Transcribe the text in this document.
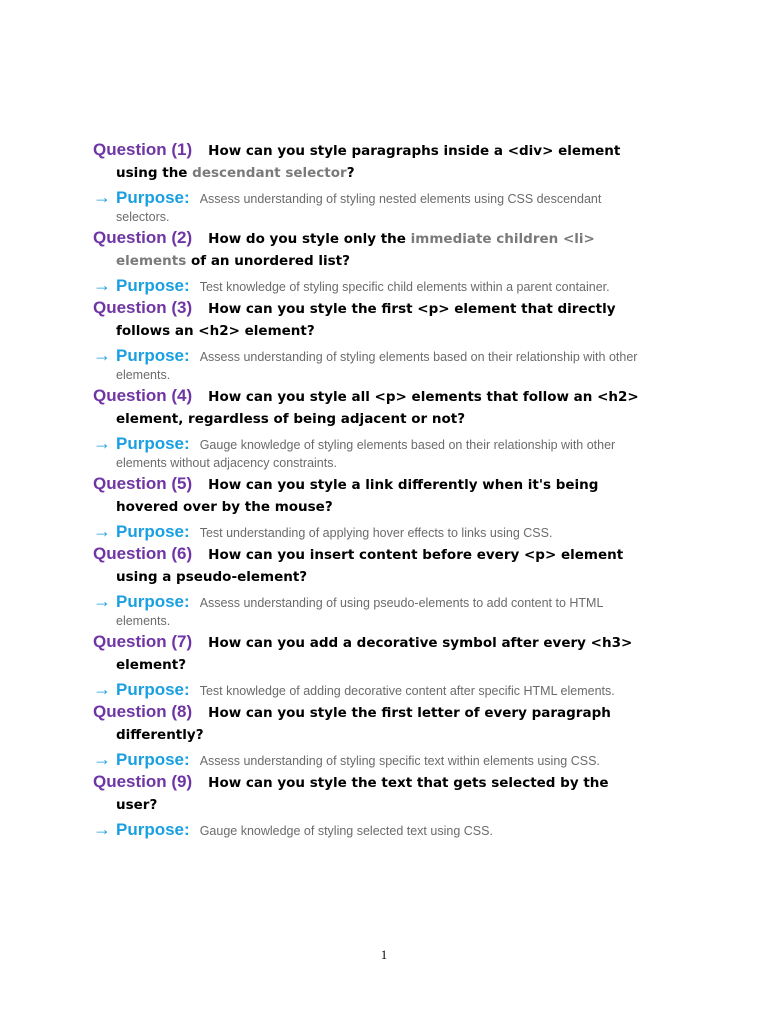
Question (1)	How can you style paragraphs inside a <div> element
using the descendant selector?
→ Purpose: Assess understanding of styling nested elements using CSS descendant
selectors.
Question (2)	How do you style only the immediate children <li>
elements of an unordered list?
→ Purpose: Test knowledge of styling specific child elements within a parent container.
Question (3)	How can you style the first <p> element that directly
follows an <h2> element?
→ Purpose: Assess understanding of styling elements based on their relationship with other
elements.
Question (4)	How can you style all <p> elements that follow an <h2>
element, regardless of being adjacent or not?
→ Purpose: Gauge knowledge of styling elements based on their relationship with other
elements without adjacency constraints.
Question (5)	How can you style a link differently when it's being
hovered over by the mouse?
→ Purpose: Test understanding of applying hover effects to links using CSS.
Question (6)	How can you insert content before every <p> element
using a pseudo-element?
→ Purpose: Assess understanding of using pseudo-elements to add content to HTML
elements.
Question (7)	How can you add a decorative symbol after every <h3>
element?
→ Purpose: Test knowledge of adding decorative content after specific HTML elements.
Question (8)	How can you style the first letter of every paragraph
differently?
→ Purpose: Assess understanding of styling specific text within elements using CSS.
Question (9)	How can you style the text that gets selected by the
user?
→ Purpose: Gauge knowledge of styling selected text using CSS.
1
